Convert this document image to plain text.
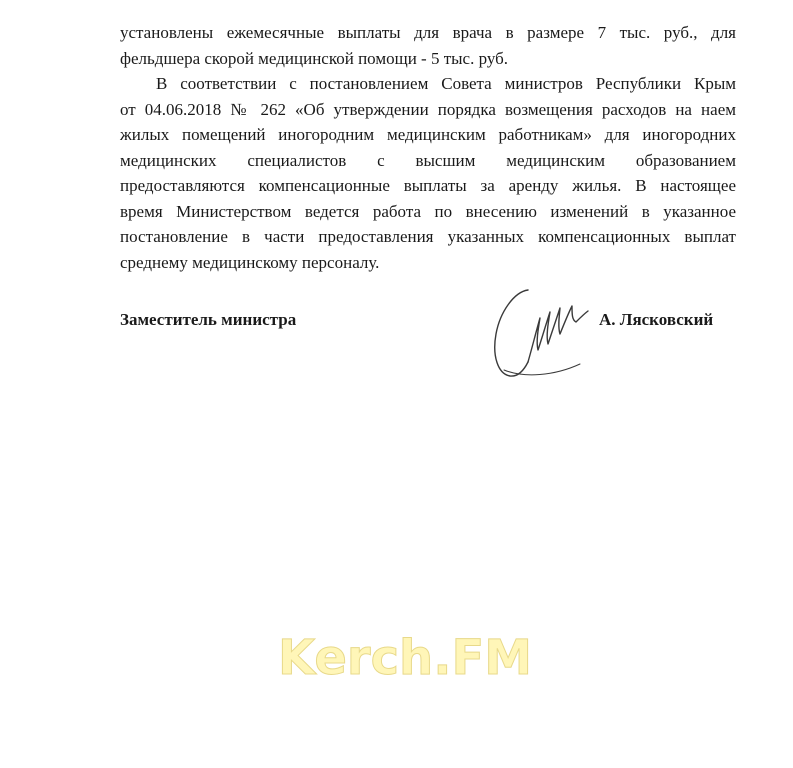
установлены ежемесячные выплаты для врача в размере 7 тыс. руб., для
фельдшера скорой медицинской помощи - 5 тыс. руб.
В соответствии с постановлением Совета министров Республики Крым
от 04.06.2018 № 262 «Об утверждении порядка возмещения расходов на наем
жилых помещений иногородним медицинским работникам» для иногородних
медицинских специалистов с высшим медицинским образованием
предоставляются компенсационные выплаты за аренду жилья. В настоящее
время Министерством ведется работа по внесению изменений в указанное
постановление в части предоставления указанных компенсационных выплат
среднему медицинскому персоналу.
Заместитель министра	А. Лясковский
Kerch.FM
